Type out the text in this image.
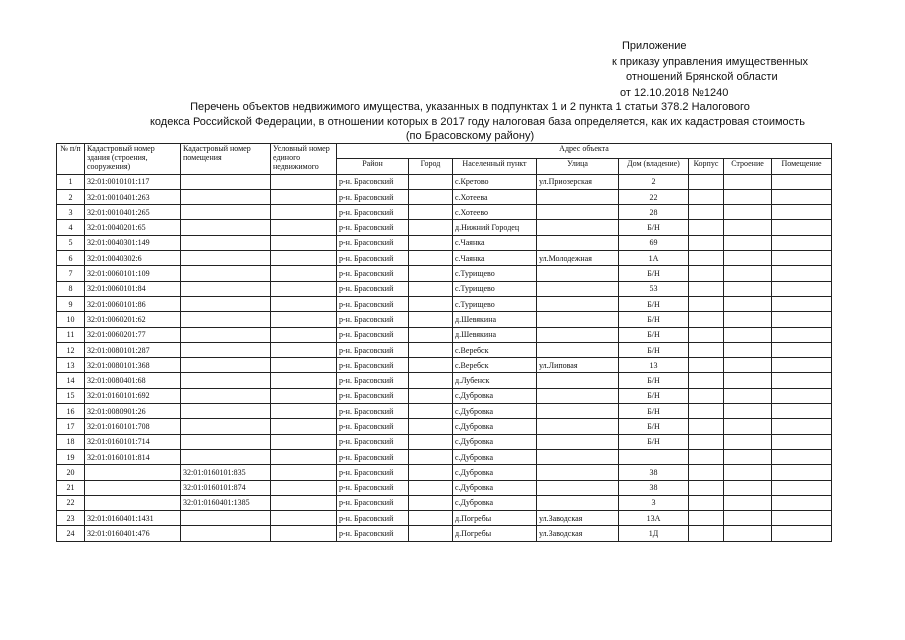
Приложение
к приказу управления имущественных
отношений Брянской области
от 12.10.2018 №1240
Перечень объектов недвижимого имущества, указанных в подпунктах 1 и 2 пункта 1 статьи 378.2 Налогового
кодекса Российской Федерации, в отношении которых в 2017 году налоговая база определяется, как их кадастровая стоимость
(по Брасовскому району)
№ п/п	Кадастровый номер здания (строения, сооружения)	Кадастровый номер помещения	Условный номер единого недвижимого	Адрес объекта							
				Район	Город	Населенный пункт	Улица	Дом (владение)	Корпус	Строение	Помещение
1	32:01:0010101:117			р-н. Брасовский		с.Кретово	ул.Приозерская	2			
2	32:01:0010401:263			р-н. Брасовский		с.Хотеева		22			
3	32:01:0010401:265			р-н. Брасовский		с.Хотеево		28			
4	32:01:0040201:65			р-н. Брасовский		д.Нижний Городец		Б/Н			
5	32:01:0040301:149			р-н. Брасовский		с.Чаянка		69			
6	32:01:0040302:6			р-н. Брасовский		с.Чаянка	ул.Молодежная	1А			
7	32:01:0060101:109			р-н. Брасовский		с.Турищево		Б/Н			
8	32:01:0060101:84			р-н. Брасовский		с.Турищево		53			
9	32:01:0060101:86			р-н. Брасовский		с.Турищево		Б/Н			
10	32:01:0060201:62			р-н. Брасовский		д.Шевякина		Б/Н			
11	32:01:0060201:77			р-н. Брасовский		д.Шевякина		Б/Н			
12	32:01:0080101:287			р-н. Брасовский		с.Веребск		Б/Н			
13	32:01:0080101:368			р-н. Брасовский		с.Веребск	ул.Липовая	13			
14	32:01:0080401:68			р-н. Брасовский		д.Лубенск		Б/Н			
15	32:01:0160101:692			р-н. Брасовский		с.Дубровка		Б/Н			
16	32:01:0080901:26			р-н. Брасовский		с.Дубровка		Б/Н			
17	32:01:0160101:708			р-н. Брасовский		с.Дубровка		Б/Н			
18	32:01:0160101:714			р-н. Брасовский		с.Дубровка		Б/Н			
19	32:01:0160101:814			р-н. Брасовский		с.Дубровка					
20		32:01:0160101:835		р-н. Брасовский		с.Дубровка		38			
21		32:01:0160101:874		р-н. Брасовский		с.Дубровка		38			
22		32:01:0160401:1385		р-н. Брасовский		с.Дубровка		3			
23	32:01:0160401:1431			р-н. Брасовский		д.Погребы	ул.Заводская	13А			
24	32:01:0160401:476			р-н. Брасовский		д.Погребы	ул.Заводская	1Д			
